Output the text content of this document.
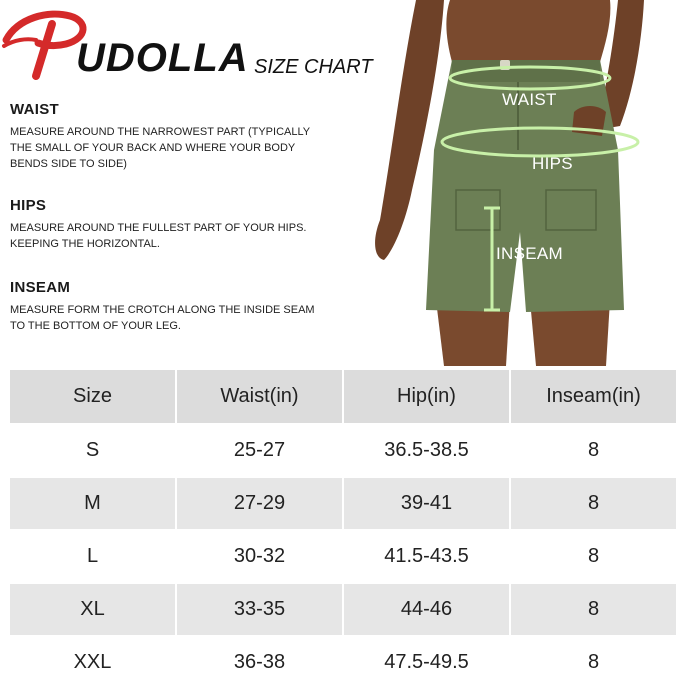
UDOLLA SIZE CHART
WAIST

MEASURE AROUND THE NARROWEST PART (TYPICALLY THE SMALL OF YOUR BACK AND WHERE YOUR BODY BENDS SIDE TO SIDE)

HIPS

MEASURE AROUND THE FULLEST PART OF YOUR HIPS. KEEPING THE HORIZONTAL.

INSEAM

MEASURE FORM THE CROTCH ALONG THE INSIDE SEAM TO THE BOTTOM OF YOUR LEG.

WAIST
HIPS
INSEAM
Size	Waist(in)	Hip(in)	Inseam(in)
S	25-27	36.5-38.5	8
M	27-29	39-41	8
L	30-32	41.5-43.5	8
XL	33-35	44-46	8
XXL	36-38	47.5-49.5	8
